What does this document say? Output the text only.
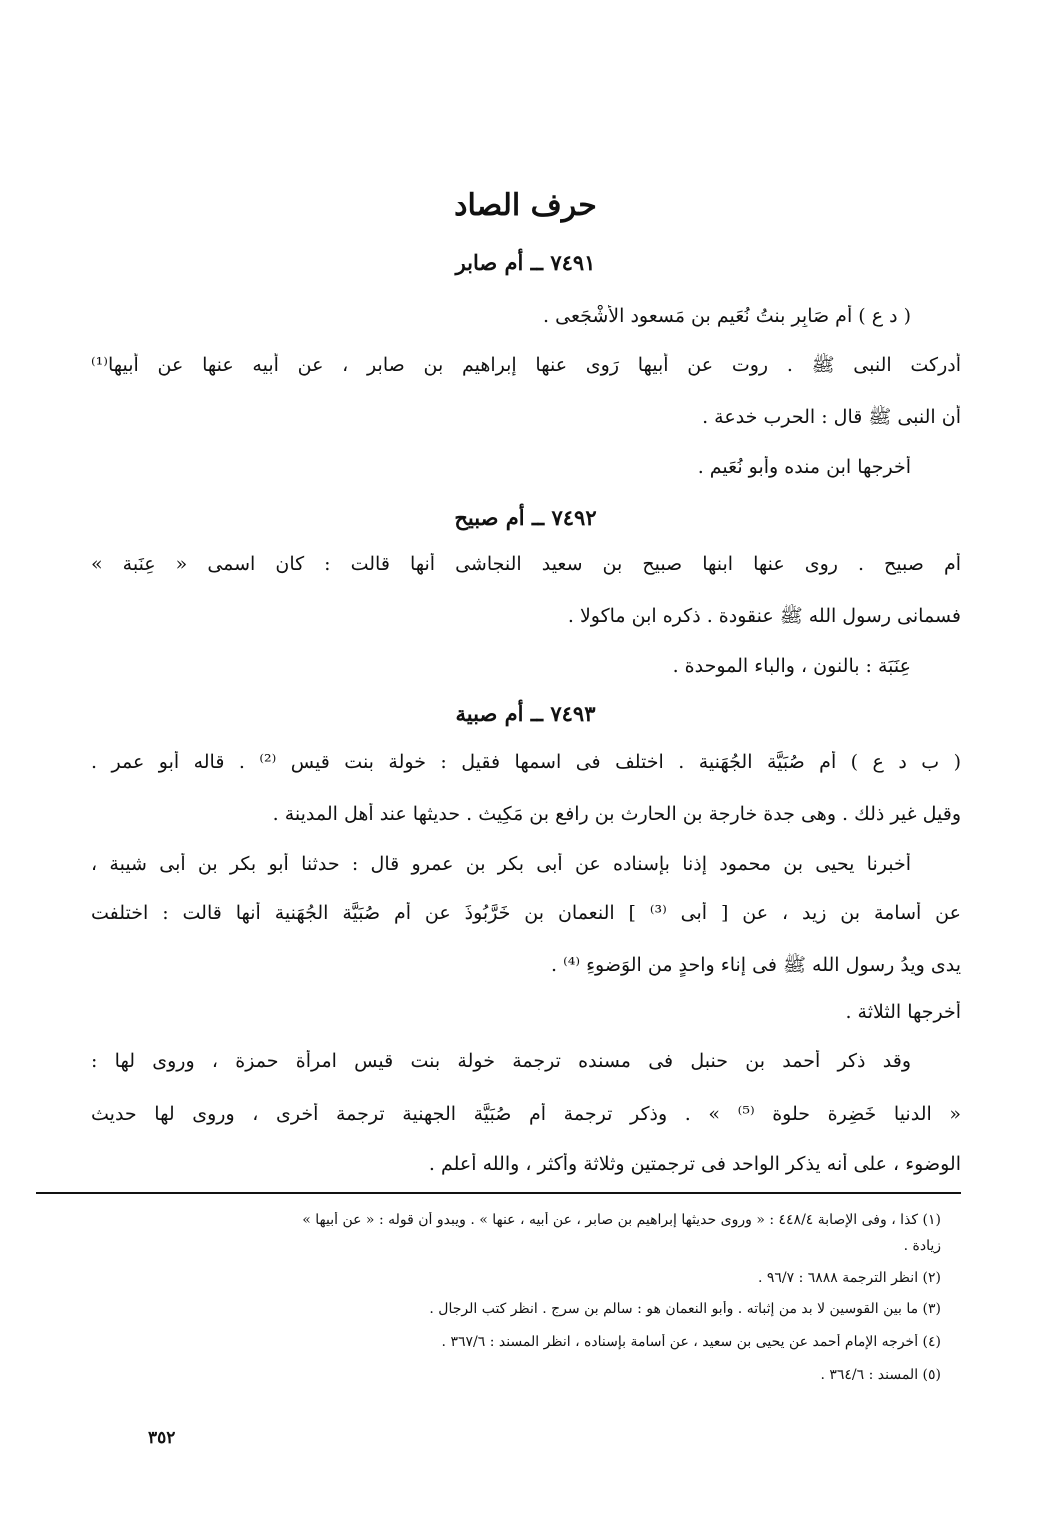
حرف الصاد
٧٤٩١ ــ أم صابر
( د ع ) أم صَابِرٍ بنتُ نُعَيم بن مَسعود الأشْجَعى .
أدركت النبى ﷺ . روت عن أبيها رَوى عنها إبراهيم بن صابر ، عن أَبيه عنها عن أَبيها⁽¹⁾
أن النبى ﷺ قال : الحرب خدعة .
أَخرجها ابن منده وأَبو نُعَيم .
٧٤٩٢ ــ أم صبيح
أُم صبيح . روى عنها ابنها صبيح بن سعيد النجاشى أَنها قالت : كان اسمى « عِنَبة »
فسمانى رسول الله ﷺ عنقودة . ذكره ابن ماكولا .
عِنَبَة : بالنون ، والباء الموحدة .
٧٤٩٣ ــ أم صبية
( ب د ع ) أُم صُبَيَّة الجُهَنية . اختلف فى اسمها فقيل : خولة بنت قيس ⁽²⁾ . قاله أَبو عمر .
وقيل غير ذلك . وهى جدة خارجة بن الحارث بن رافع بن مَكِيث . حديثها عند أَهل المدينة .
أَخبرنا يحيى بن محمود إذنا بإسناده عن أَبى بكر بن عمرو قال : حدثنا أَبو بكر بن أَبى شيبة ،
عن أسامة بن زيد ، عن [ أَبى ⁽³⁾ ] النعمان بن خَرَّبُوذَ عن أُم صُبَيَّة الجُهَنية أَنها قالت : اختلفت
يدى ويدُ رسول الله ﷺ فى إناء واحدٍ من الوَضوءِ ⁽⁴⁾ .
أَخرجها الثلاثة .
وقد ذكر أَحمد بن حنبل فى مسنده ترجمة خولة بنت قيس امرأَة حمزة ، وروى لها :
« الدنيا خَضِرة حلوة ⁽⁵⁾ » . وذكر ترجمة أُم صُبَيَّة الجهنية ترجمة أُخرى ، وروى لها حديث
الوضوء ، على أَنه يذكر الواحد فى ترجمتين وثلاثة وأَكثر ، والله أَعلم .
(١) كذا ، وفى الإصابة ٤٤٨/٤ : « وروى حديثها إبراهيم بن صابر ، عن أبيه ، عنها » . ويبدو أن قوله : « عن أبيها »
زيادة .
(٢) انظر الترجمة ٦٨٨٨ : ٩٦/٧ .
(٣) ما بين القوسين لا بد من إثباته . وأبو النعمان هو : سالم بن سرج . انظر كتب الرجال .
(٤) أخرجه الإمام أحمد عن يحيى بن سعيد ، عن أسامة بإسناده ، انظر المسند : ٣٦٧/٦ .
(٥) المسند : ٣٦٤/٦ .
٣٥٢
